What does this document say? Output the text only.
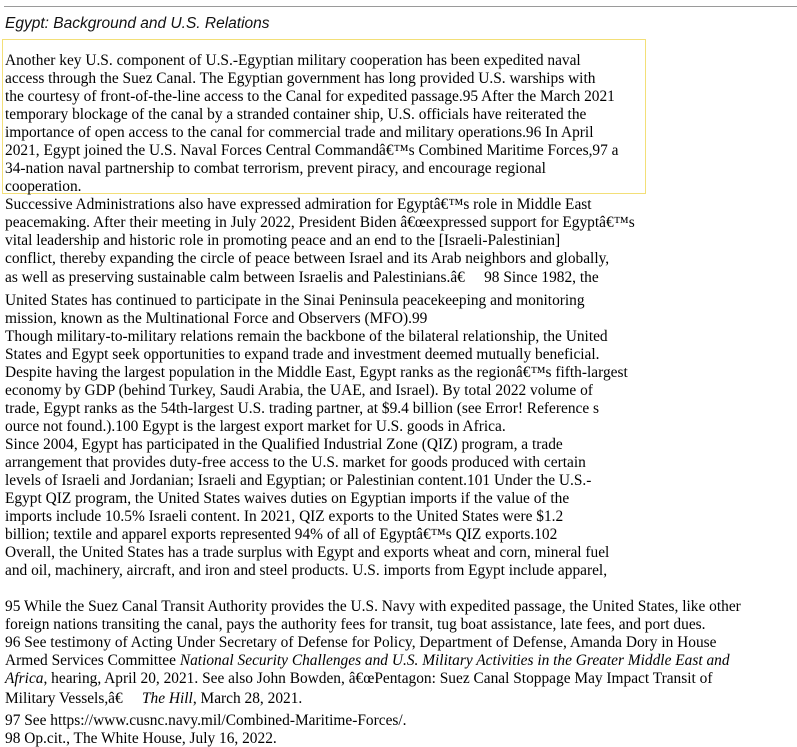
Egypt: Background and U.S. Relations

Another key U.S. component of U.S.-Egyptian military cooperation has been expedited naval

access through the Suez Canal. The Egyptian government has long provided U.S. warships with

the courtesy of front-of-the-line access to the Canal for expedited passage.95 After the March 2021

temporary blockage of the canal by a stranded container ship, U.S. officials have reiterated the

importance of open access to the canal for commercial trade and military operations.96 In April

2021, Egypt joined the U.S. Naval Forces Central Commandâ€™s Combined Maritime Forces,97 a

34-nation naval partnership to combat terrorism, prevent piracy, and encourage regional

cooperation.

Successive Administrations also have expressed admiration for Egyptâ€™s role in Middle East

peacemaking. After their meeting in July 2022, President Biden â€œexpressed support for Egyptâ€™s

vital leadership and historic role in promoting peace and an end to the [Israeli-Palestinian]

conflict, thereby expanding the circle of peace between Israel and its Arab neighbors and globally,

as well as preserving sustainable calm between Israelis and Palestinians.â€     98 Since 1982, the

United States has continued to participate in the Sinai Peninsula peacekeeping and monitoring

mission, known as the Multinational Force and Observers (MFO).99

Though military-to-military relations remain the backbone of the bilateral relationship, the United

States and Egypt seek opportunities to expand trade and investment deemed mutually beneficial.

Despite having the largest population in the Middle East, Egypt ranks as the regionâ€™s fifth-largest

economy by GDP (behind Turkey, Saudi Arabia, the UAE, and Israel). By total 2022 volume of

trade, Egypt ranks as the 54th-largest U.S. trading partner, at $9.4 billion (see Error! Reference s

ource not found.).100 Egypt is the largest export market for U.S. goods in Africa.

Since 2004, Egypt has participated in the Qualified Industrial Zone (QIZ) program, a trade

arrangement that provides duty-free access to the U.S. market for goods produced with certain

levels of Israeli and Jordanian; Israeli and Egyptian; or Palestinian content.101 Under the U.S.-

Egypt QIZ program, the United States waives duties on Egyptian imports if the value of the

imports include 10.5% Israeli content. In 2021, QIZ exports to the United States were $1.2

billion; textile and apparel exports represented 94% of all of Egyptâ€™s QIZ exports.102

Overall, the United States has a trade surplus with Egypt and exports wheat and corn, mineral fuel

and oil, machinery, aircraft, and iron and steel products. U.S. imports from Egypt include apparel,

95 While the Suez Canal Transit Authority provides the U.S. Navy with expedited passage, the United States, like other

foreign nations transiting the canal, pays the authority fees for transit, tug boat assistance, late fees, and port dues.

96 See testimony of Acting Under Secretary of Defense for Policy, Department of Defense, Amanda Dory in House

Armed Services Committee National Security Challenges and U.S. Military Activities in the Greater Middle East and

Africa, hearing, April 20, 2021. See also John Bowden, â€œPentagon: Suez Canal Stoppage May Impact Transit of

Military Vessels,â€     The Hill, March 28, 2021.

97 See https://www.cusnc.navy.mil/Combined-Maritime-Forces/.

98 Op.cit., The White House, July 16, 2022.
